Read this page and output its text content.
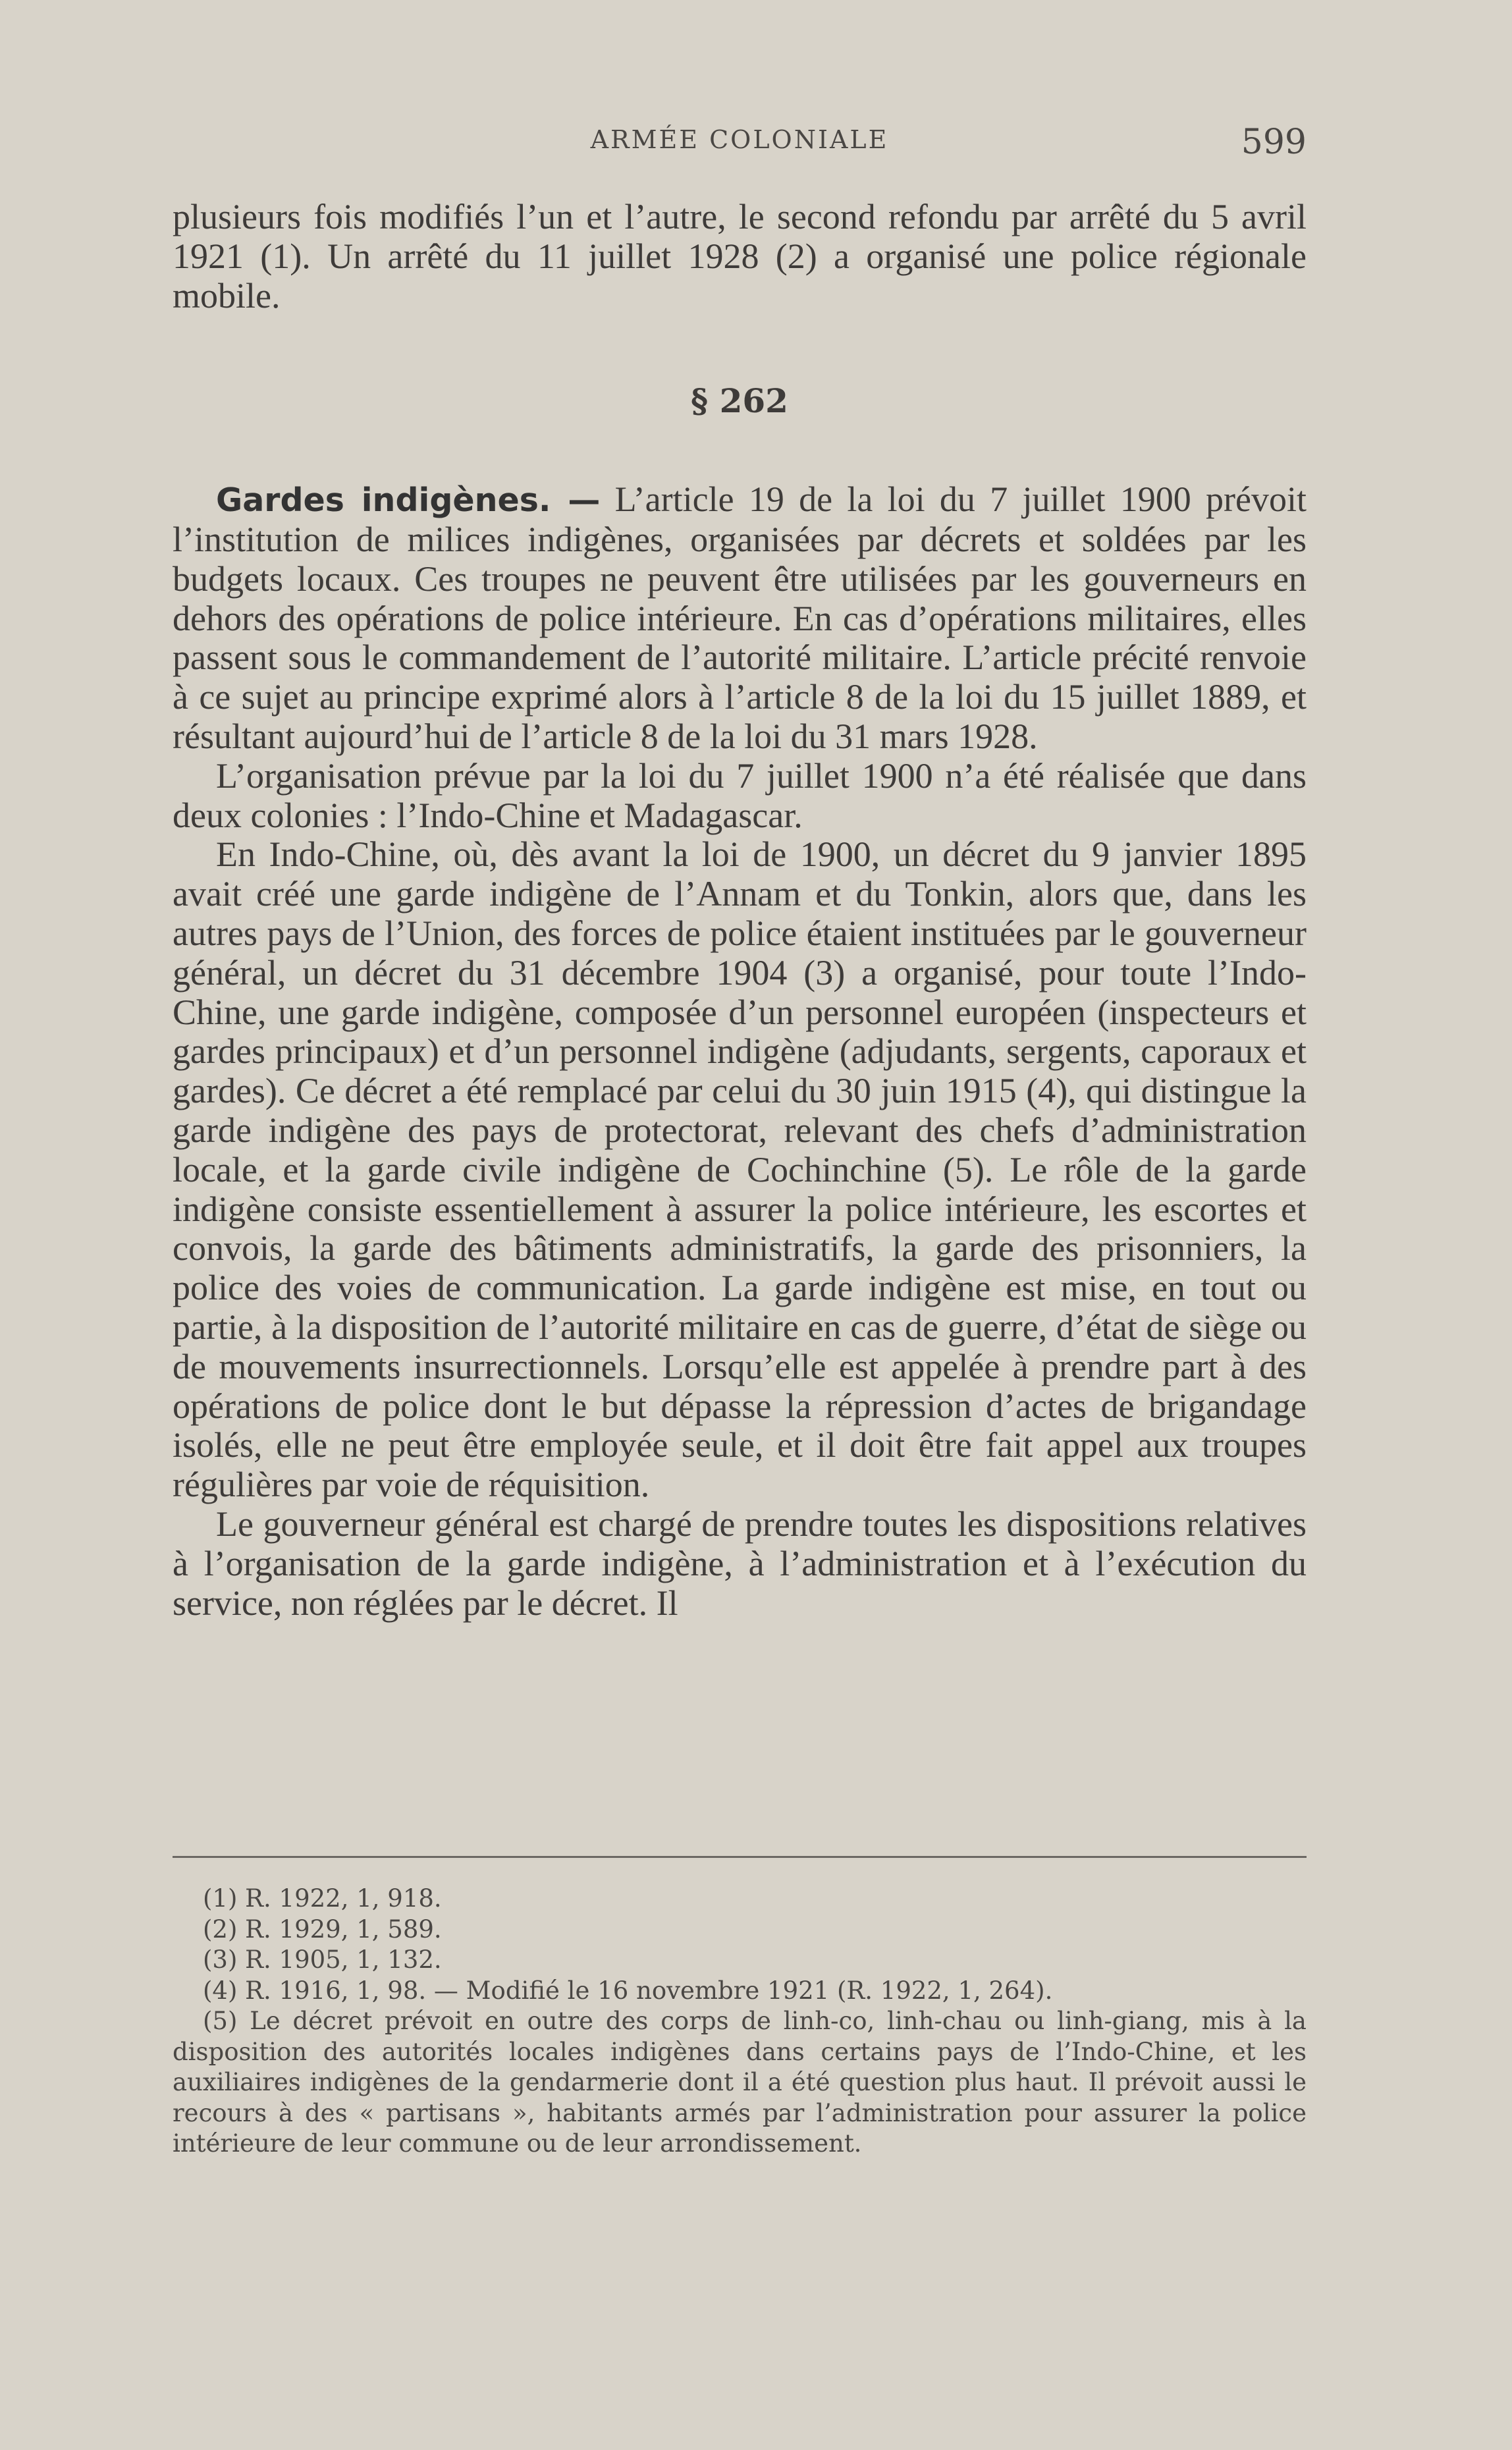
ARMÉE COLONIALE	599

plusieurs fois modifiés l’un et l’autre, le second refondu par arrêté du 5 avril 1921 (1). Un arrêté du 11 juillet 1928 (2) a organisé une police régionale mobile.

§ 262

Gardes indigènes. — L’article 19 de la loi du 7 juillet 1900 prévoit l’institution de milices indigènes, organisées par décrets et soldées par les budgets locaux. Ces troupes ne peuvent être utilisées par les gouverneurs en dehors des opérations de police intérieure. En cas d’opérations militaires, elles passent sous le commandement de l’autorité militaire. L’article précité renvoie à ce sujet au principe exprimé alors à l’article 8 de la loi du 15 juillet 1889, et résultant aujourd’hui de l’article 8 de la loi du 31 mars 1928.

L’organisation prévue par la loi du 7 juillet 1900 n’a été réalisée que dans deux colonies : l’Indo-Chine et Madagascar.

En Indo-Chine, où, dès avant la loi de 1900, un décret du 9 janvier 1895 avait créé une garde indigène de l’Annam et du Tonkin, alors que, dans les autres pays de l’Union, des forces de police étaient instituées par le gouverneur général, un décret du 31 décembre 1904 (3) a organisé, pour toute l’Indo-Chine, une garde indigène, composée d’un personnel européen (inspecteurs et gardes principaux) et d’un personnel indigène (adjudants, sergents, caporaux et gardes). Ce décret a été remplacé par celui du 30 juin 1915 (4), qui distingue la garde indigène des pays de protectorat, relevant des chefs d’administration locale, et la garde civile indigène de Cochinchine (5). Le rôle de la garde indigène consiste essentiellement à assurer la police intérieure, les escortes et convois, la garde des bâtiments administratifs, la garde des prisonniers, la police des voies de communication. La garde indigène est mise, en tout ou partie, à la disposition de l’autorité militaire en cas de guerre, d’état de siège ou de mouvements insurrectionnels. Lorsqu’elle est appelée à prendre part à des opérations de police dont le but dépasse la répression d’actes de brigandage isolés, elle ne peut être employée seule, et il doit être fait appel aux troupes régulières par voie de réquisition.

Le gouverneur général est chargé de prendre toutes les dispositions relatives à l’organisation de la garde indigène, à l’administration et à l’exécution du service, non réglées par le décret. Il

(1) R. 1922, 1, 918.

(2) R. 1929, 1, 589.

(3) R. 1905, 1, 132.

(4) R. 1916, 1, 98. — Modifié le 16 novembre 1921 (R. 1922, 1, 264).

(5) Le décret prévoit en outre des corps de linh-co, linh-chau ou linh-giang, mis à la disposition des autorités locales indigènes dans certains pays de l’Indo-Chine, et les auxiliaires indigènes de la gendarmerie dont il a été question plus haut. Il prévoit aussi le recours à des « partisans », habitants armés par l’administration pour assurer la police intérieure de leur commune ou de leur arrondissement.
